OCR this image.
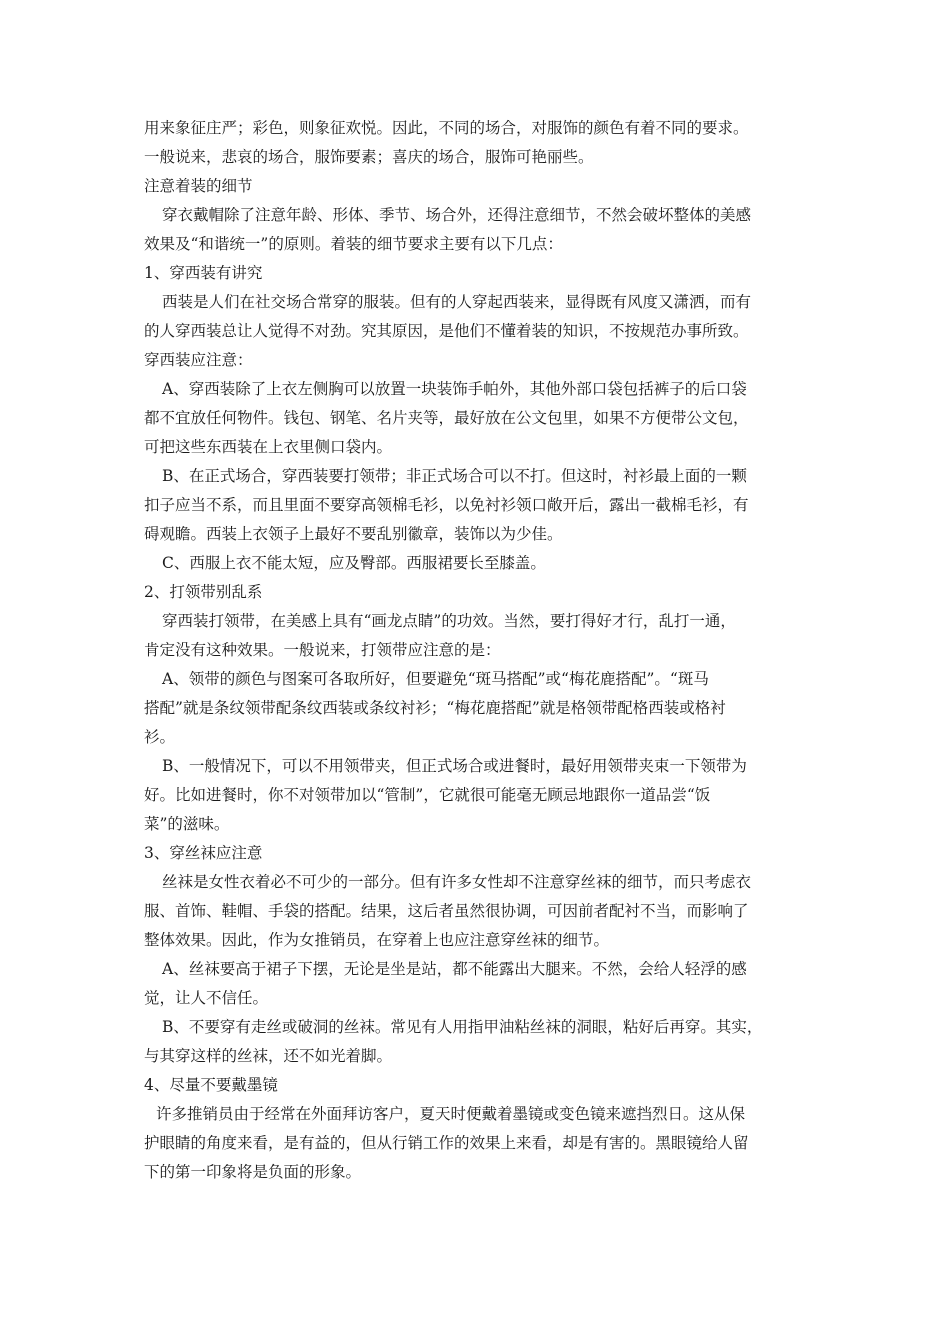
用来象征庄严；彩色，则象征欢悦。因此，不同的场合，对服饰的颜色有着不同的要求。
一般说来，悲哀的场合，服饰要素；喜庆的场合，服饰可艳丽些。
注意着装的细节
穿衣戴帽除了注意年龄、形体、季节、场合外，还得注意细节，不然会破坏整体的美感
效果及“和谐统一”的原则。着装的细节要求主要有以下几点：
1、穿西装有讲究
西装是人们在社交场合常穿的服装。但有的人穿起西装来，显得既有风度又潇洒，而有
的人穿西装总让人觉得不对劲。究其原因，是他们不懂着装的知识，不按规范办事所致。
穿西装应注意：
A、穿西装除了上衣左侧胸可以放置一块装饰手帕外，其他外部口袋包括裤子的后口袋
都不宜放任何物件。钱包、钢笔、名片夹等，最好放在公文包里，如果不方便带公文包，
可把这些东西装在上衣里侧口袋内。
B、在正式场合，穿西装要打领带；非正式场合可以不打。但这时，衬衫最上面的一颗
扣子应当不系，而且里面不要穿高领棉毛衫，以免衬衫领口敞开后，露出一截棉毛衫，有
碍观瞻。西装上衣领子上最好不要乱别徽章，装饰以为少佳。
C、西服上衣不能太短，应及臀部。西服裙要长至膝盖。
2、打领带别乱系
穿西装打领带，在美感上具有“画龙点睛”的功效。当然，要打得好才行，乱打一通，
肯定没有这种效果。一般说来，打领带应注意的是：
A、领带的颜色与图案可各取所好，但要避免“斑马搭配”或“梅花鹿搭配”。“斑马
搭配”就是条纹领带配条纹西装或条纹衬衫；“梅花鹿搭配”就是格领带配格西装或格衬
衫。
B、一般情况下，可以不用领带夹，但正式场合或进餐时，最好用领带夹束一下领带为
好。比如进餐时，你不对领带加以“管制”，它就很可能毫无顾忌地跟你一道品尝“饭
菜”的滋味。
3、穿丝袜应注意
丝袜是女性衣着必不可少的一部分。但有许多女性却不注意穿丝袜的细节，而只考虑衣
服、首饰、鞋帽、手袋的搭配。结果，这后者虽然很协调，可因前者配衬不当，而影响了
整体效果。因此，作为女推销员，在穿着上也应注意穿丝袜的细节。
A、丝袜要高于裙子下摆，无论是坐是站，都不能露出大腿来。不然，会给人轻浮的感
觉，让人不信任。
B、不要穿有走丝或破洞的丝袜。常见有人用指甲油粘丝袜的洞眼，粘好后再穿。其实，
与其穿这样的丝袜，还不如光着脚。
4、尽量不要戴墨镜
许多推销员由于经常在外面拜访客户，夏天时便戴着墨镜或变色镜来遮挡烈日。这从保
护眼睛的角度来看，是有益的，但从行销工作的效果上来看，却是有害的。黑眼镜给人留
下的第一印象将是负面的形象。
